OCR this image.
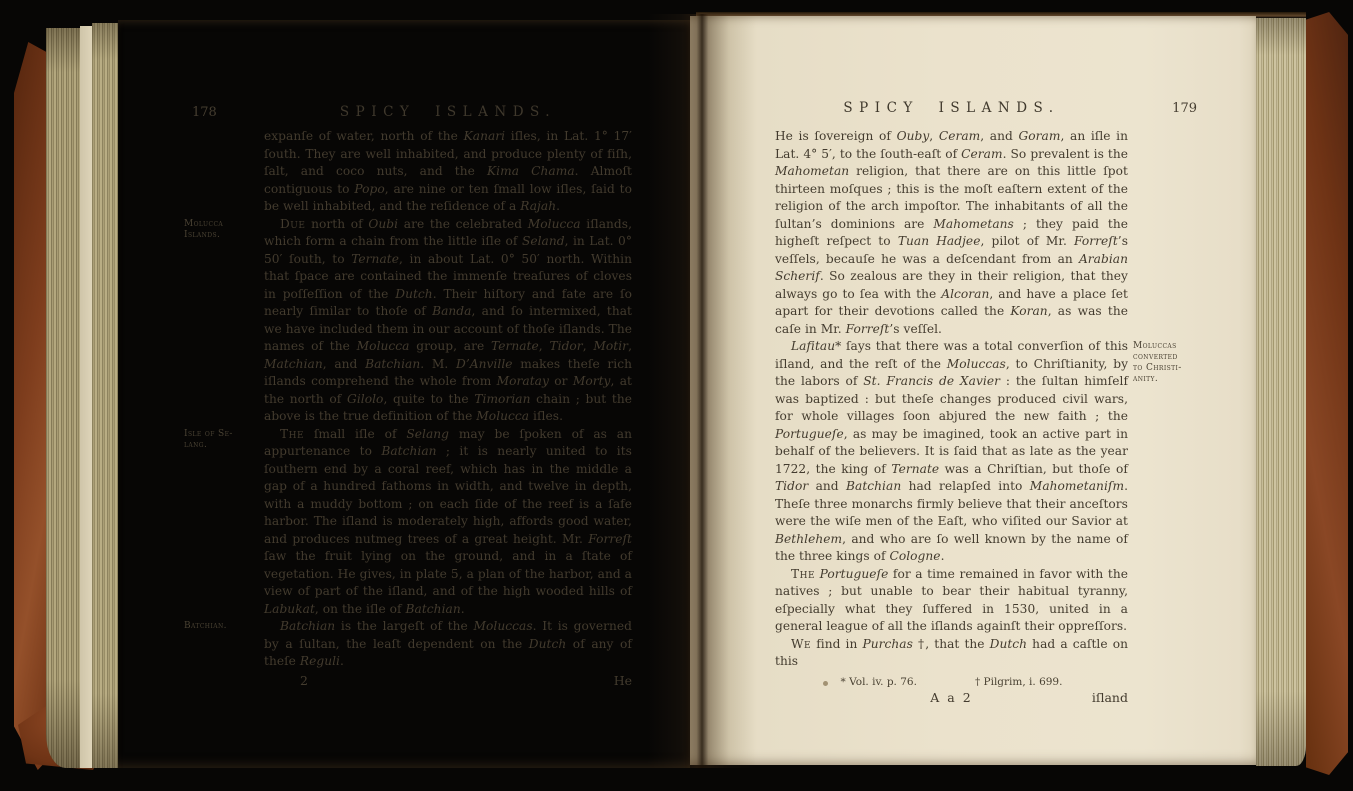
178	SPICY ISLANDS.

expanſe of water, north of the Kanari iſles, in Lat. 1° 17′ ſouth. They are well inhabited, and produce plenty of fiſh, ſalt, and coco nuts, and the Kima Chama. Almoſt contiguous to Popo, are nine or ten ſmall low iſles, ſaid to be well inhabited, and the reſidence of a Rajah.

Molucca
Islands.
Due north of Oubi are the celebrated Molucca iſlands, which form a chain from the little iſle of Seland, in Lat. 0° 50′ ſouth, to Ternate, in about Lat. 0° 50′ north. Within that ſpace are contained the immenſe treaſures of cloves in poſſeſſion of the Dutch. Their hiſtory and fate are ſo nearly ſimilar to thoſe of Banda, and ſo intermixed, that we have included them in our account of thoſe iſlands. The names of the Molucca group, are Ternate, Tidor, Motir, Matchian, and Batchian. M. D’Anville makes theſe rich iſlands comprehend the whole from Moratay or Morty, at the north of Gilolo, quite to the Timorian chain ; but the above is the true definition of the Molucca iſles.

Isle of Se-
lang.
The ſmall iſle of Selang may be ſpoken of as an appurtenance to Batchian ; it is nearly united to its ſouthern end by a coral reef, which has in the middle a gap of a hundred fathoms in width, and twelve in depth, with a muddy bottom ; on each ſide of the reef is a ſafe harbor. The iſland is moderately high, affords good water, and produces nutmeg trees of a great height. Mr. Forreſt ſaw the fruit lying on the ground, and in a ſtate of vegetation. He gives, in plate 5, a plan of the harbor, and a view of part of the iſland, and of the high wooded hills of Labukat, on the iſle of Batchian.

Batchian.	Batchian is the largeſt of the Moluccas. It is governed by a ſultan, the leaſt dependent on the Dutch of any of theſe Reguli.

2	He
SPICY ISLANDS.	179

He is ſovereign of Ouby, Ceram, and Goram, an iſle in Lat. 4° 5′, to the ſouth-eaſt of Ceram. So prevalent is the Mahometan religion, that there are on this little ſpot thirteen moſques ; this is the moſt eaſtern extent of the religion of the arch impoſtor. The inhabitants of all the ſultan’s dominions are Mahometans ; they paid the higheſt reſpect to Tuan Hadjee, pilot of Mr. Forreſt’s veſſels, becauſe he was a deſcendant from an Arabian Scherif. So zealous are they in their religion, that they always go to ſea with the Alcoran, and have a place ſet apart for their devotions called the Koran, as was the caſe in Mr. Forreſt’s veſſel.

Moluccas
converted
to Christi-
anity.
Lafitau* ſays that there was a total converſion of this iſland, and the reſt of the Moluccas, to Chriſtianity, by the labors of St. Francis de Xavier : the ſultan himſelf was baptized : but theſe changes produced civil wars, for whole villages ſoon abjured the new faith ; the Portugueſe, as may be imagined, took an active part in behalf of the believers. It is ſaid that as late as the year 1722, the king of Ternate was a Chriſtian, but thoſe of Tidor and Batchian had relapſed into Mahometaniſm. Theſe three monarchs firmly believe that their anceſtors were the wiſe men of the Eaſt, who viſited our Savior at Bethlehem, and who are ſo well known by the name of the three kings of Cologne.

The Portugueſe for a time remained in favor with the natives ; but unable to bear their habitual tyranny, eſpecially what they ſuffered in 1530, united in a general league of all the iſlands againſt their oppreſſors.

We find in Purchas †, that the Dutch had a caſtle on this

* Vol. iv. p. 76.	† Pilgrim, i. 699.
A a 2	iſland
